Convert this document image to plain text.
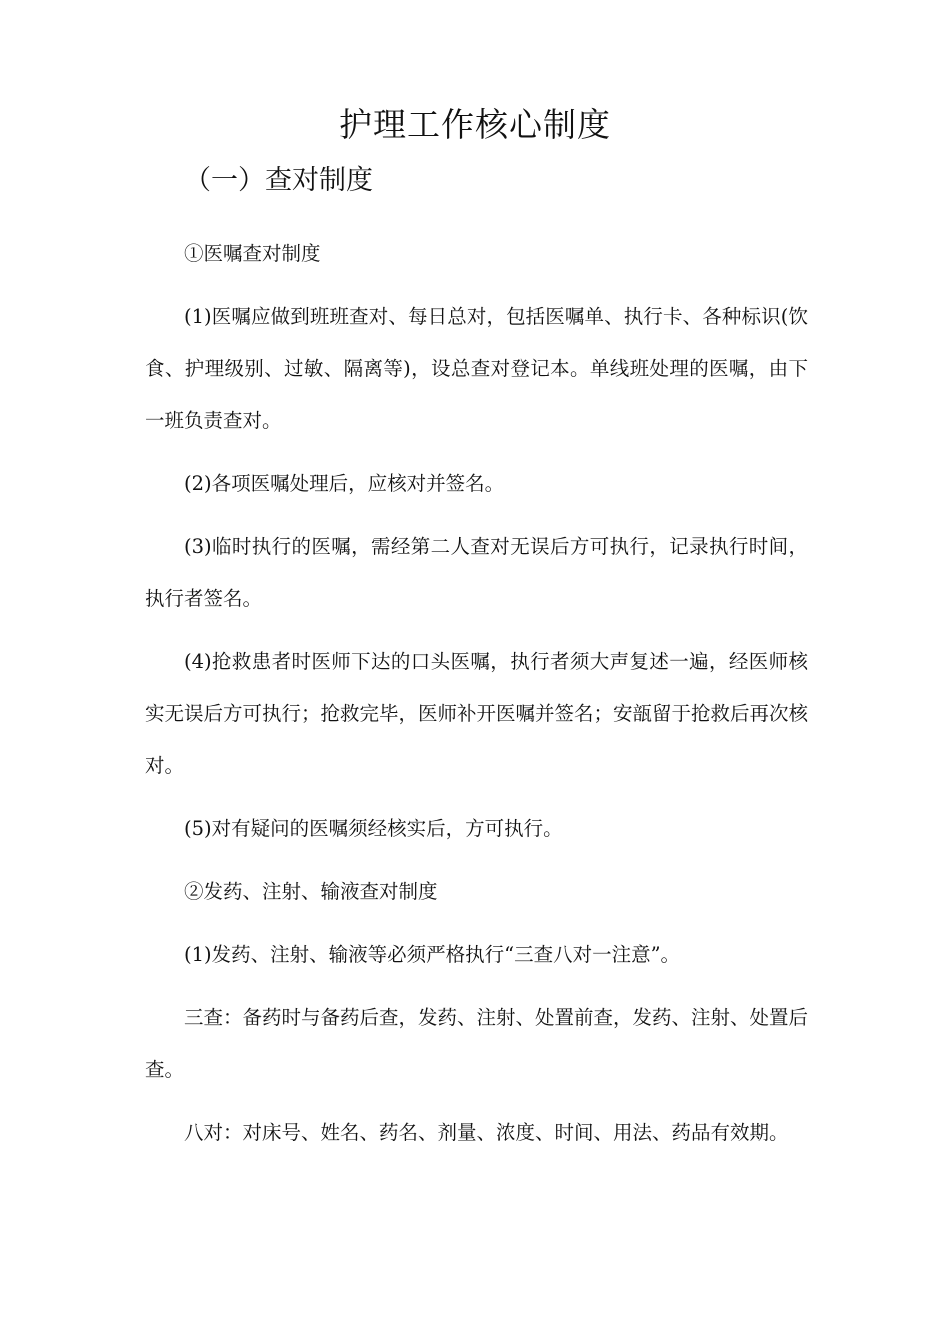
护理工作核心制度
（一）查对制度

①医嘱查对制度

(1)医嘱应做到班班查对、每日总对，包括医嘱单、执行卡、各种标识(饮食、护理级别、过敏、隔离等)，设总查对登记本。单线班处理的医嘱，由下一班负责查对。

(2)各项医嘱处理后，应核对并签名。

(3)临时执行的医嘱，需经第二人查对无误后方可执行，记录执行时间，执行者签名。

(4)抢救患者时医师下达的口头医嘱，执行者须大声复述一遍，经医师核实无误后方可执行；抢救完毕，医师补开医嘱并签名；安瓿留于抢救后再次核对。

(5)对有疑问的医嘱须经核实后，方可执行。

②发药、注射、输液查对制度

(1)发药、注射、输液等必须严格执行“三查八对一注意”。

三查：备药时与备药后查，发药、注射、处置前查，发药、注射、处置后查。

八对：对床号、姓名、药名、剂量、浓度、时间、用法、药品有效期。
